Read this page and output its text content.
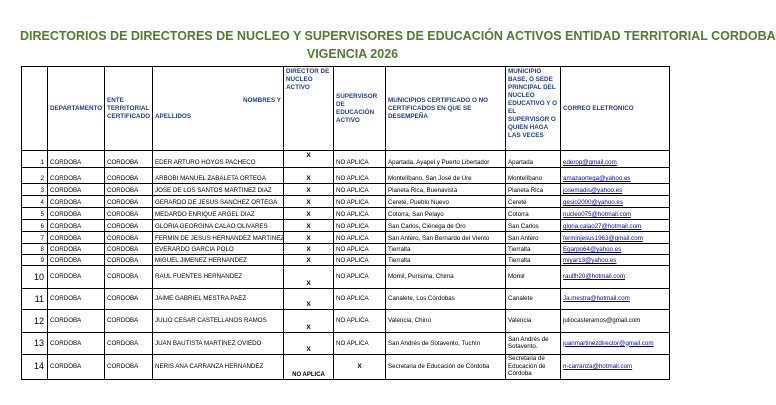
DIRECTORIOS DE DIRECTORES DE NUCLEO Y SUPERVISORES DE EDUCACIÓN ACTIVOS ENTIDAD TERRITORIAL CORDOBA
VIGENCIA 2026
	DEPARTAMENTO	ENTE TERRITORIAL CERTIFICADO	NOMBRES Y
APELLIDOS	DIRECTOR DE NUCLEO ACTIVO	SUPERVISOR DE EDUCACIÓN ACTIVO	MUNICIPIOS CERTIFICADO O NO CERTIFICADOS EN QUE SE DESEMPEÑA	MUNICIPIO BASE, O SEDE PRINCIPAL DEL NUCLEO EDUCATIVO Y O EL SUPERVISOR O QUIEN HAGA LAS VECES	CORREO ELETRONICO
1	CORDOBA	CORDOBA	EDER ARTURO HOYOS PACHECO	X	NO APLICA	Apartada, Ayapel y Puerto Libertador	Apartada	ederop@gmail.com
2	CORDOBA	CORDOBA	ARBOBI MANUEL ZABALETA ORTEGA	X	NO APLICA	Montelíbano, San José de Ure	Montelíbano	amazaortega@yahoo.es
3	CORDOBA	CORDOBA	JOSE DE LOS SANTOS MARTINEZ DIAZ	X	NO APLICA	Planeta Rica, Buenavista	Planeta Rica	josemadis@yahoo.es
4	CORDOBA	CORDOBA	GERARDO DE JESUS SANCHEZ ORTEGA	X	NO APLICA	Cereté, Pueblo Nuevo	Cereté	gesio2000@yahoo.es
5	CORDOBA	CORDOBA	MEDARDO ENRIQUE ARGEL DIAZ	X	NO APLICA	Cotorra, San Pelayo	Cotorra	nucleo075@hotmail.com
6	CORDOBA	CORDOBA	GLORIA GEORGINA CALAO OLIVARES	X	NO APLICA	San Carlos, Ciénega de Oro	San Carlos	gloria.calao27@hotmail.com
7	CORDOBA	CORDOBA	FERMIN DE JESUS HERNANDEZ MARTINEZ	X	NO APLICA	San Antero, San Bernardo del Viento	San Antero	ferminjesus1963@gmail.com
8	CORDOBA	CORDOBA	EVERARDO GARCIA POLO	X	NO APLICA	Tierralta	Tierralta	Egarpo64@yahoo.es
9	CORDOBA	CORDOBA	MIGUEL JIMENEZ HERNANDEZ	X	NO APLICA	Tierralta	Tierralta	miyar13@yahoo.es
10	CORDOBA	CORDOBA	RAUL FUENTES HERNANDEZ	X	NO APLICA	Momil, Purísima, Chima	Momil	raulfh20@hotmail.com
11	CORDOBA	CORDOBA	JAIME GABRIEL MESTRA PAEZ	X	NO APLICA	Canalete, Los Córdobas	Canalete	Ja.mestra@hotmail.com
12	CORDOBA	CORDOBA	JULIO CESAR CASTELLANOS RAMOS	X	NO APLICA	Valencia, Chinú	Valencia	juliocasteramos@gmail.com
13	CORDOBA	CORDOBA	JUAN BAUTISTA MARTINEZ OVIEDO	X	NO APLICA	San Andrés de Sotavento, Tuchín	San Andrés de Sotavento.	juanmartinezdirector@gmail.com
14	CORDOBA	CORDOBA	NERIS ANA CARRANZA HERNANDEZ	NO APLICA	X	Secretaria de Educación de Córdoba	Secretaria de Educación de Córdoba	n-carranza@hotmail.com
